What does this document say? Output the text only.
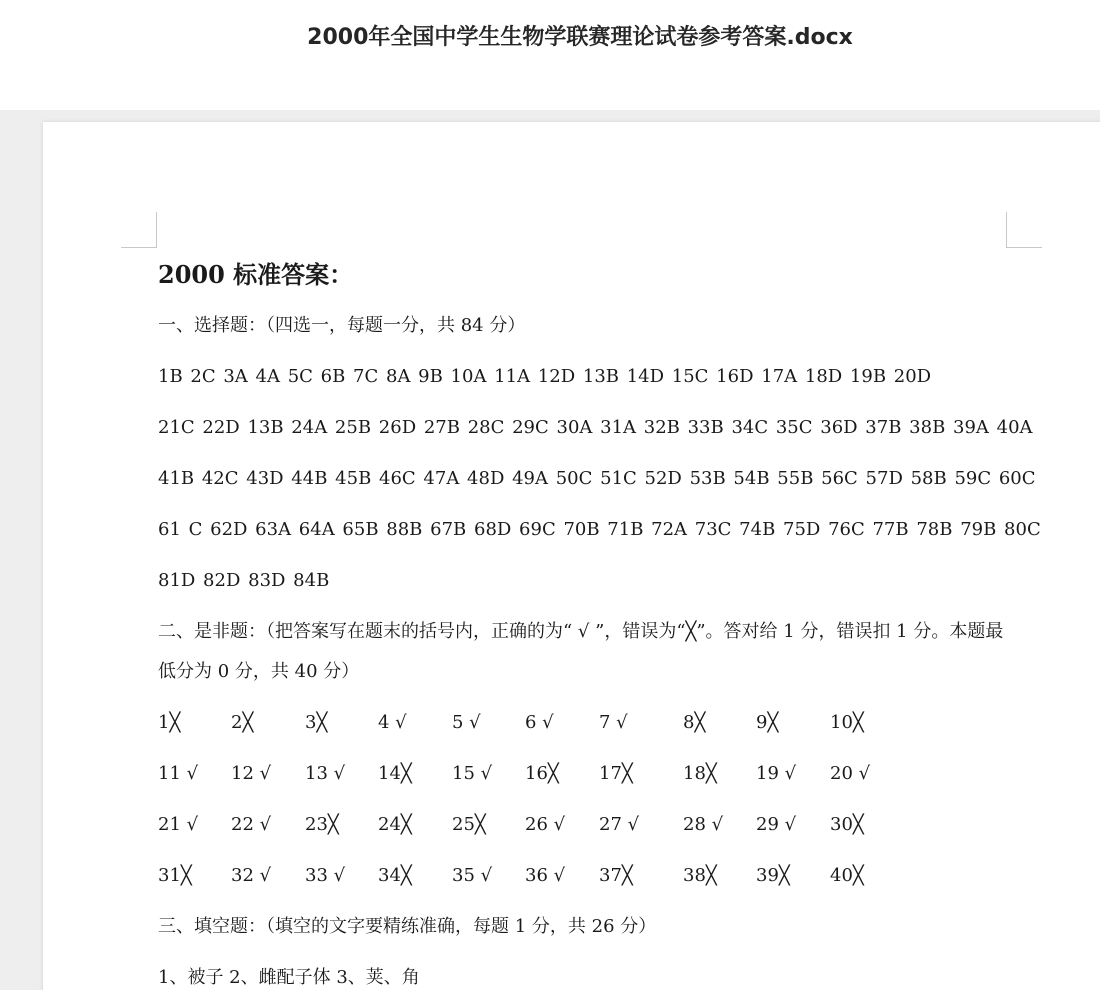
2000年全国中学生生物学联赛理论试卷参考答案.docx
2000 标准答案：
一、选择题：（四选一，每题一分，共 84 分）
1B 2C 3A 4A 5C 6B 7C 8A 9B 10A 11A 12D 13B 14D 15C 16D 17A 18D 19B 20D
21C 22D 13B 24A 25B 26D 27B 28C 29C 30A 31A 32B 33B 34C 35C 36D 37B 38B 39A 40A
41B 42C 43D 44B 45B 46C 47A 48D 49A 50C 51C 52D 53B 54B 55B 56C 57D 58B 59C 60C
61 C 62D 63A 64A 65B 88B 67B 68D 69C 70B 71B 72A 73C 74B 75D 76C 77B 78B 79B 80C
81D 82D 83D 84B
二、是非题：（把答案写在题末的括号内，正确的为“ √ ”，错误为“╳”。答对给 1 分，错误扣 1 分。本题最低分为 0 分，共 40 分）
1╳	2╳	3╳	4 √	5 √ 6 √	7 √	8╳	9╳	10╳
11 √ 12 √ 13 √ 14╳ 15 √ 16╳ 17╳	18╳ 19 √ 20 √
21 √ 22 √ 23╳ 24╳ 25╳ 26 √ 27 √ 28 √ 29 √ 30╳
31╳ 32 √ 33 √ 34╳ 35 √ 36 √ 37╳	38╳ 39╳ 40╳
三、填空题：（填空的文字要精练准确，每题 1 分，共 26 分）
1、被子 2、雌配子体 3、荚、角
